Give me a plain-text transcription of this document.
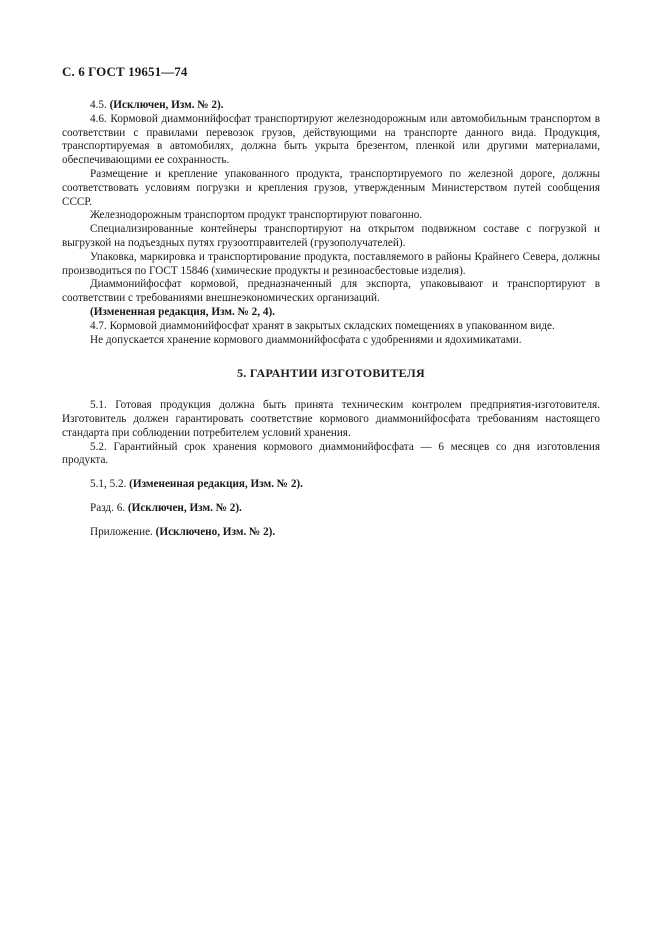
С. 6 ГОСТ 19651—74

4.5. (Исключен, Изм. № 2).

4.6. Кормовой диаммонийфосфат транспортируют железнодорожным или автомобильным транспортом в соответствии с правилами перевозок грузов, действующими на транспорте данного вида. Продукция, транспортируемая в автомобилях, должна быть укрыта брезентом, пленкой или другими материалами, обеспечивающими ее сохранность.

Размещение и крепление упакованного продукта, транспортируемого по железной дороге, должны соответствовать условиям погрузки и крепления грузов, утвержденным Министерством путей сообщения СССР.

Железнодорожным транспортом продукт транспортируют повагонно.

Специализированные контейнеры транспортируют на открытом подвижном составе с погрузкой и выгрузкой на подъездных путях грузоотправителей (грузополучателей).

Упаковка, маркировка и транспортирование продукта, поставляемого в районы Крайнего Севера, должны производиться по ГОСТ 15846 (химические продукты и резиноасбестовые изделия).

Диаммонийфосфат кормовой, предназначенный для экспорта, упаковывают и транспортируют в соответствии с требованиями внешнеэкономических организаций.

(Измененная редакция, Изм. № 2, 4).

4.7. Кормовой диаммонийфосфат хранят в закрытых складских помещениях в упакованном виде.

Не допускается хранение кормового диаммонийфосфата с удобрениями и ядохимикатами.

5. ГАРАНТИИ ИЗГОТОВИТЕЛЯ

5.1. Готовая продукция должна быть принята техническим контролем предприятия-изготовителя. Изготовитель должен гарантировать соответствие кормового диаммонийфосфата требованиям настоящего стандарта при соблюдении потребителем условий хранения.

5.2. Гарантийный срок хранения кормового диаммонийфосфата — 6 месяцев со дня изготовления продукта.

5.1, 5.2. (Измененная редакция, Изм. № 2).

Разд. 6. (Исключен, Изм. № 2).

Приложение. (Исключено, Изм. № 2).
